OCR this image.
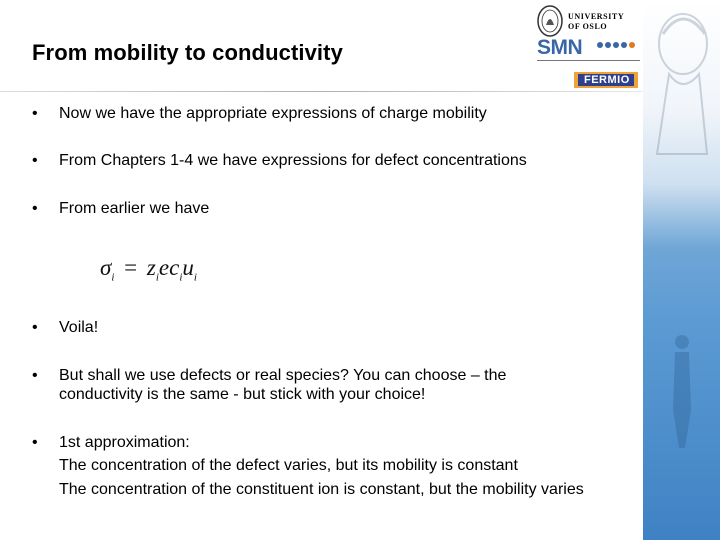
From mobility to conductivity
UNIVERSITY
OF OSLO
SMN
FERMIO
• Now we have the appropriate expressions of charge mobility
• From Chapters 1-4 we have expressions for defect concentrations
• From earlier we have
$\sigma_i = z_iec_iu_i$
• Voila!
• But shall we use defects or real species? You can choose – the
conductivity is the same - but stick with your choice!
• 1st approximation:
The concentration of the defect varies, but its mobility is constant
The concentration of the constituent ion is constant, but the mobility varies
